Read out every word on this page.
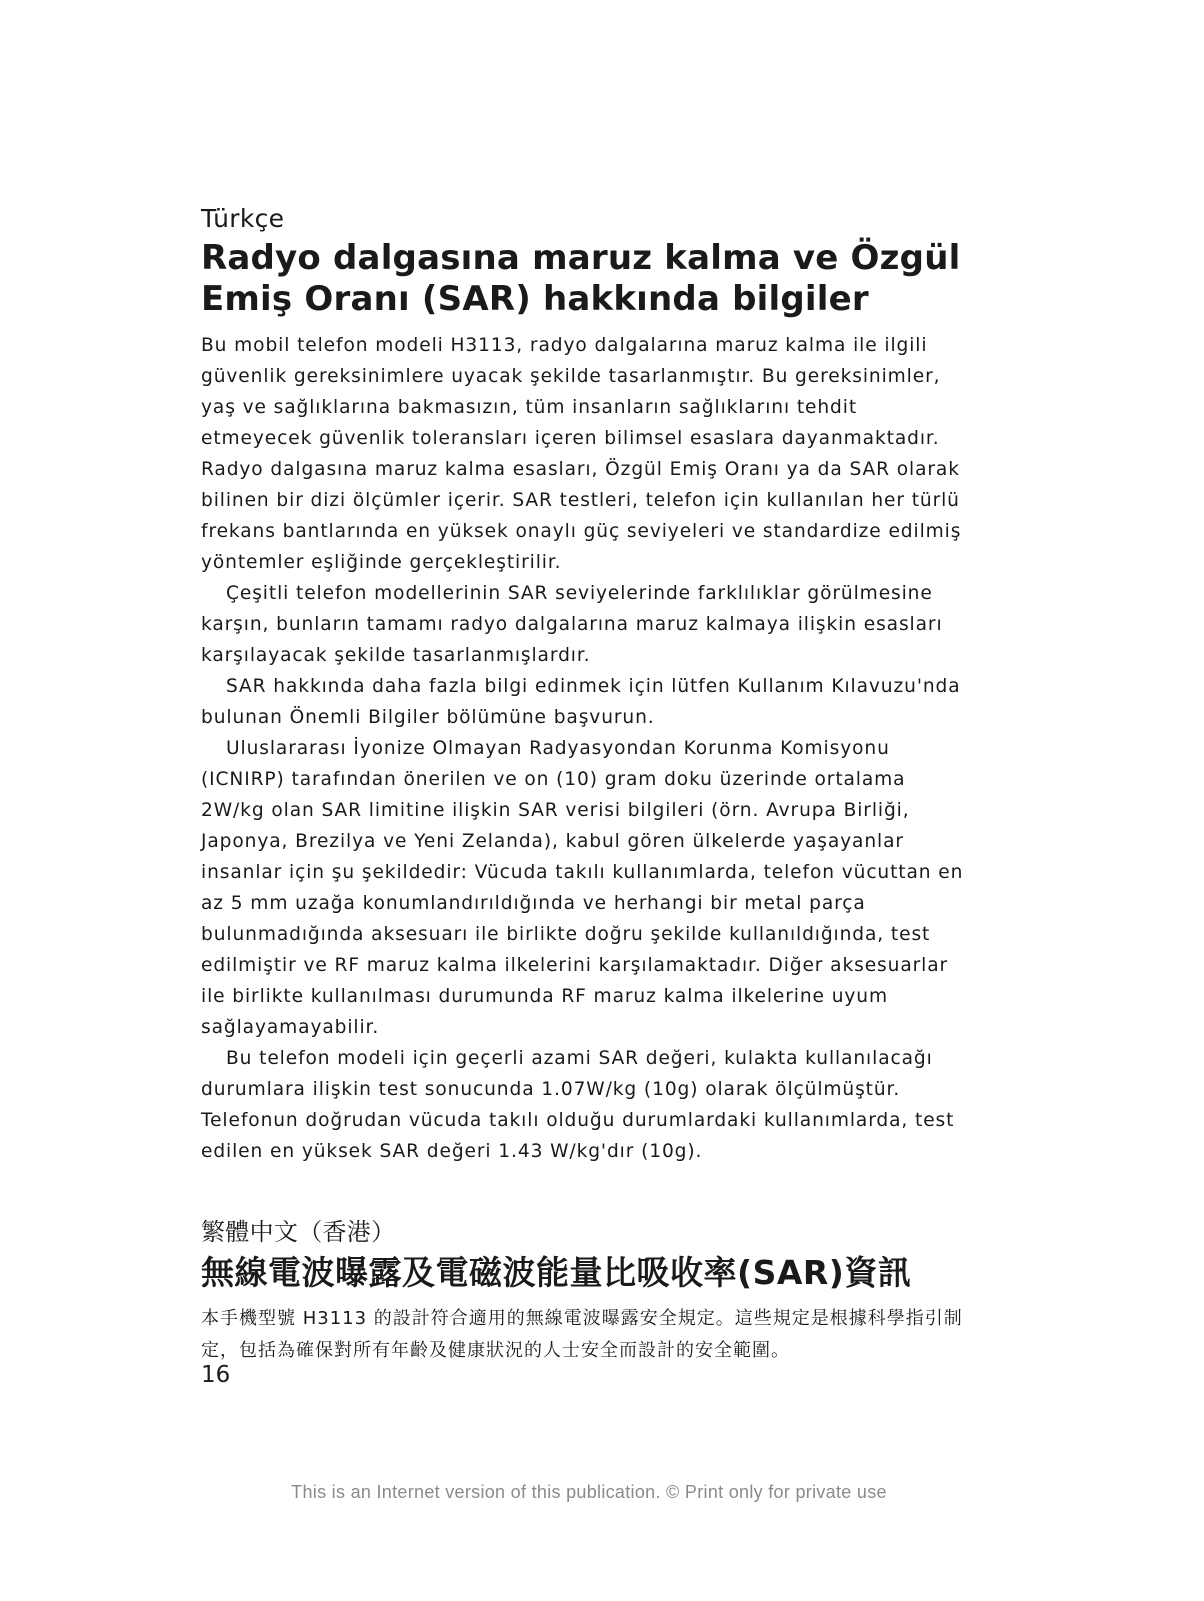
Türkçe
Radyo dalgasına maruz kalma ve Özgül
Emiş Oranı (SAR) hakkında bilgiler

Bu mobil telefon modeli H3113, radyo dalgalarına maruz kalma ile ilgili güvenlik gereksinimlere uyacak şekilde tasarlanmıştır. Bu gereksinimler, yaş ve sağlıklarına bakmasızın, tüm insanların sağlıklarını tehdit etmeyecek güvenlik toleransları içeren bilimsel esaslara dayanmaktadır. Radyo dalgasına maruz kalma esasları, Özgül Emiş Oranı ya da SAR olarak bilinen bir dizi ölçümler içerir. SAR testleri, telefon için kullanılan her türlü frekans bantlarında en yüksek onaylı güç seviyeleri ve standardize edilmiş yöntemler eşliğinde gerçekleştirilir.

Çeşitli telefon modellerinin SAR seviyelerinde farklılıklar görülmesine karşın, bunların tamamı radyo dalgalarına maruz kalmaya ilişkin esasları karşılayacak şekilde tasarlanmışlardır.

SAR hakkında daha fazla bilgi edinmek için lütfen Kullanım Kılavuzu'nda bulunan Önemli Bilgiler bölümüne başvurun.

Uluslararası İyonize Olmayan Radyasyondan Korunma Komisyonu (ICNIRP) tarafından önerilen ve on (10) gram doku üzerinde ortalama 2W/kg olan SAR limitine ilişkin SAR verisi bilgileri (örn. Avrupa Birliği, Japonya, Brezilya ve Yeni Zelanda), kabul gören ülkelerde yaşayanlar insanlar için şu şekildedir: Vücuda takılı kullanımlarda, telefon vücuttan en az 5 mm uzağa konumlandırıldığında ve herhangi bir metal parça bulunmadığında aksesuarı ile birlikte doğru şekilde kullanıldığında, test edilmiştir ve RF maruz kalma ilkelerini karşılamaktadır. Diğer aksesuarlar ile birlikte kullanılması durumunda RF maruz kalma ilkelerine uyum sağlayamayabilir.

Bu telefon modeli için geçerli azami SAR değeri, kulakta kullanılacağı durumlara ilişkin test sonucunda 1.07W/kg (10g) olarak ölçülmüştür. Telefonun doğrudan vücuda takılı olduğu durumlardaki kullanımlarda, test edilen en yüksek SAR değeri 1.43 W/kg'dır (10g).

繁體中文（香港）
無線電波曝露及電磁波能量比吸收率(SAR)資訊

本手機型號 H3113 的設計符合適用的無線電波曝露安全規定。這些規定是根據科學指引制定，包括為確保對所有年齡及健康狀況的人士安全而設計的安全範圍。

16

This is an Internet version of this publication. © Print only for private use
